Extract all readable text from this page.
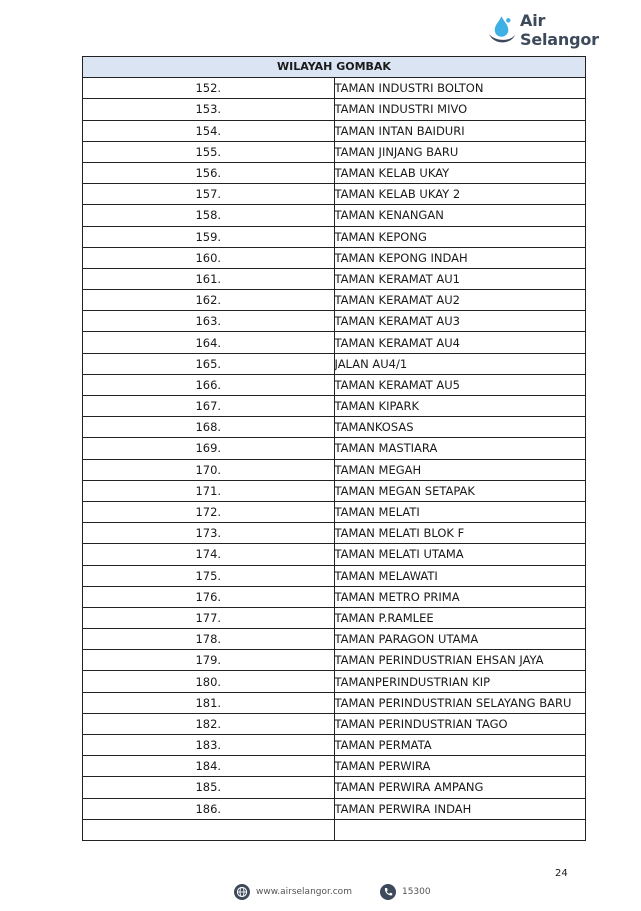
Air Selangor
WILAYAH GOMBAK	
152.	TAMAN INDUSTRI BOLTON
153.	TAMAN INDUSTRI MIVO
154.	TAMAN INTAN BAIDURI
155.	TAMAN JINJANG BARU
156.	TAMAN KELAB UKAY
157.	TAMAN KELAB UKAY 2
158.	TAMAN KENANGAN
159.	TAMAN KEPONG
160.	TAMAN KEPONG INDAH
161.	TAMAN KERAMAT AU1
162.	TAMAN KERAMAT AU2
163.	TAMAN KERAMAT AU3
164.	TAMAN KERAMAT AU4
165.	JALAN AU4/1
166.	TAMAN KERAMAT AU5
167.	TAMAN KIPARK
168.	TAMANKOSAS
169.	TAMAN MASTIARA
170.	TAMAN MEGAH
171.	TAMAN MEGAN SETAPAK
172.	TAMAN MELATI
173.	TAMAN MELATI BLOK F
174.	TAMAN MELATI UTAMA
175.	TAMAN MELAWATI
176.	TAMAN METRO PRIMA
177.	TAMAN P.RAMLEE
178.	TAMAN PARAGON UTAMA
179.	TAMAN PERINDUSTRIAN EHSAN JAYA
180.	TAMANPERINDUSTRIAN KIP
181.	TAMAN PERINDUSTRIAN SELAYANG BARU
182.	TAMAN PERINDUSTRIAN TAGO
183.	TAMAN PERMATA
184.	TAMAN PERWIRA
185.	TAMAN PERWIRA AMPANG
186.	TAMAN PERWIRA INDAH

24
www.airselangor.com	15300
